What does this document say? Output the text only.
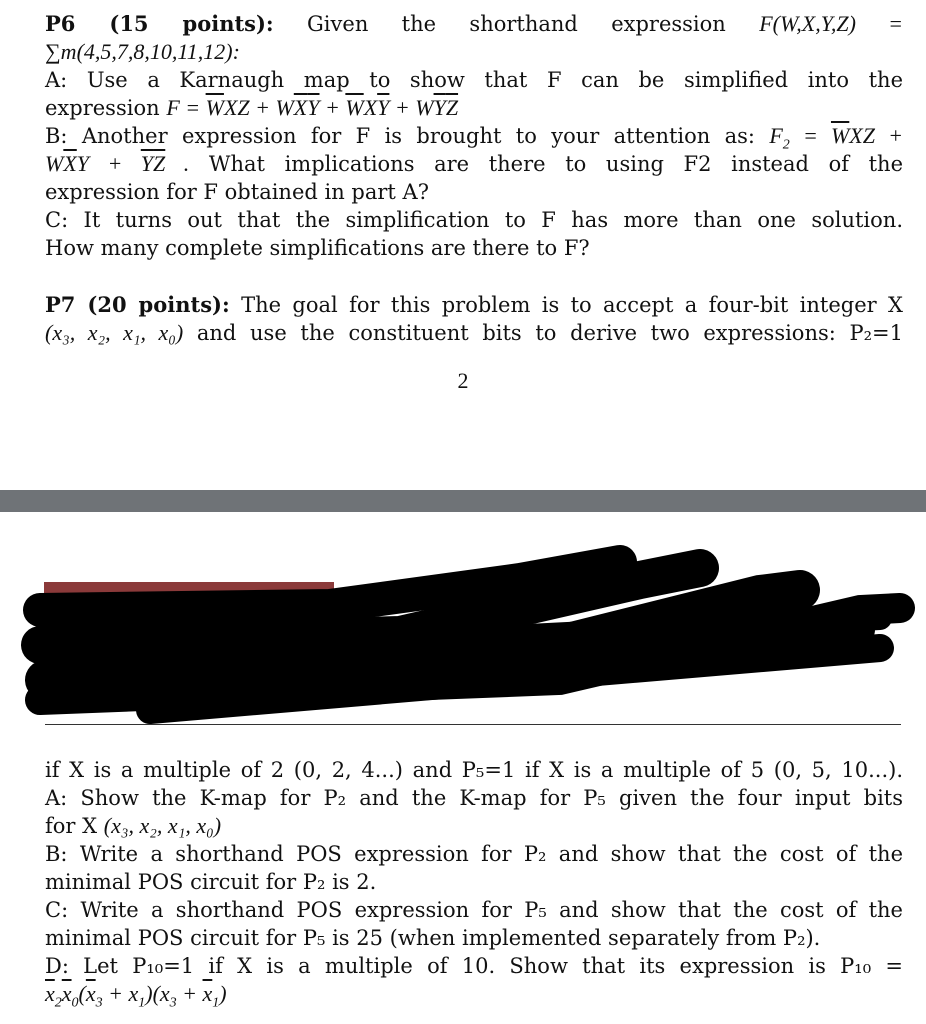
P6 (15 points): Given the shorthand expression F(W,X,Y,Z) =
∑m(4,5,7,8,10,11,12):
A: Use a Karnaugh map to show that F can be simplified into the
expression $F = \overline{W}XZ + W\overline{X}\overline{Y} + \overline{W}X\overline{Y} + W\overline{Y}\overline{Z}$
B: Another expression for F is brought to your attention as: $F_2 = \overline{W}XZ$ +
$W\overline{X}Y + \overline{Y}\overline{Z}$ . What implications are there to using F2 instead of the
expression for F obtained in part A?
C: It turns out that the simplification to F has more than one solution.
How many complete simplifications are there to F?
P7 (20 points): The goal for this problem is to accept a four-bit integer X
(x₃, x₂, x₁, x₀) and use the constituent bits to derive two expressions: P₂=1
2
if X is a multiple of 2 (0, 2, 4...) and P₅=1 if X is a multiple of 5 (0, 5, 10...).
A: Show the K-map for P₂ and the K-map for P₅ given the four input bits
for X (x₃, x₂, x₁, x₀)
B: Write a shorthand POS expression for P₂ and show that the cost of the
minimal POS circuit for P₂ is 2.
C: Write a shorthand POS expression for P₅ and show that the cost of the
minimal POS circuit for P₅ is 25 (when implemented separately from P₂).
D: Let P₁₀=1 if X is a multiple of 10. Show that its expression is P₁₀ =
$\overline{x}_2\overline{x}_0(\overline{x}_3 + x_1)(x_3 + \overline{x}_1)$
